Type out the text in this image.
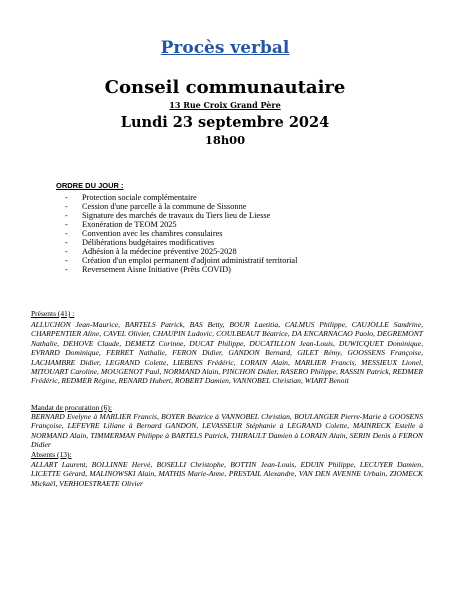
Procès verbal
Conseil communautaire
13 Rue Croix Grand Père
Lundi 23 septembre 2024
18h00
ORDRE DU JOUR :
- Protection sociale complémentaire
- Cession d'une parcelle à la commune de Sissonne
- Signature des marchés de travaux du Tiers lieu de Liesse
- Exonération de TEOM 2025
- Convention avec les chambres consulaires
- Délibérations budgétaires modificatives
- Adhésion à la médecine préventive 2025-2028
- Création d'un emploi permanent d'adjoint administratif territorial
- Reversement Aisne Initiative (Prêts COVID)
Présents (41) :

ALLUCHON Jean-Maurice, BARTELS Patrick, BAS Betty, BOUR Laetitia, CALMUS Philippe, CAUJOLLE Sandrine, CHARPENTIER Aline, CAVEL Olivier, CHAUPIN Ludovic, COULBEAUT Béatrice, DA ENCARNACAO Paolo, DEGREMONT Nathalie, DEHOVE Claude, DEMETZ Corinne, DUCAT Philippe, DUCATILLON Jean-Louis, DUWICQUET Dominique, EVRARD Dominique, FERRET Nathalie, FERON Didier, GANDON Bernard, GILET Rémy, GOOSSENS Françoise, LACHAMBRE Didier, LEGRAND Colette, LIEBENS Frédéric, LORAIN Alain, MARLIER Francis, MESSIEUX Lionel, MITOUART Caroline, MOUGENOT Paul, NORMAND Alain, PINCHON Didier, RASERO Philippe, RASSIN Patrick, REDMER Frédéric, REDMER Régine, RENARD Hubert, ROBERT Damien, VANNOBEL Christian, WIART Benoit

Mandat de procuration (6):

BERNARD Evelyne à MARLIER Francis, BOYER Béatrice à VANNOBEL Christian, BOULANGER Pierre-Marie à GOOSENS Françoise, LEFEVRE Liliane à Bernard GANDON, LEVASSEUR Stéphanie à LEGRAND Colette, MAINRECK Estelle à NORMAND Alain, TIMMERMAN Philippe à BARTELS Patrick, THIRAULT Damien à LORAIN Alain, SERIN Denis à FERON Didier

Absents (13):

ALLART Laurent, BOLLINNE Hervé, BOSELLI Christophe, BOTTIN Jean-Louis, EDUIN Philippe, LECUYER Damien, LICETTE Gérard, MALINOWSKI Alain, MATHIS Marie-Anne, PRESTAIL Alexandre, VAN DEN AVENNE Urbain, ZIOMECK Mickaël, VERHOESTRAETE Olivier
